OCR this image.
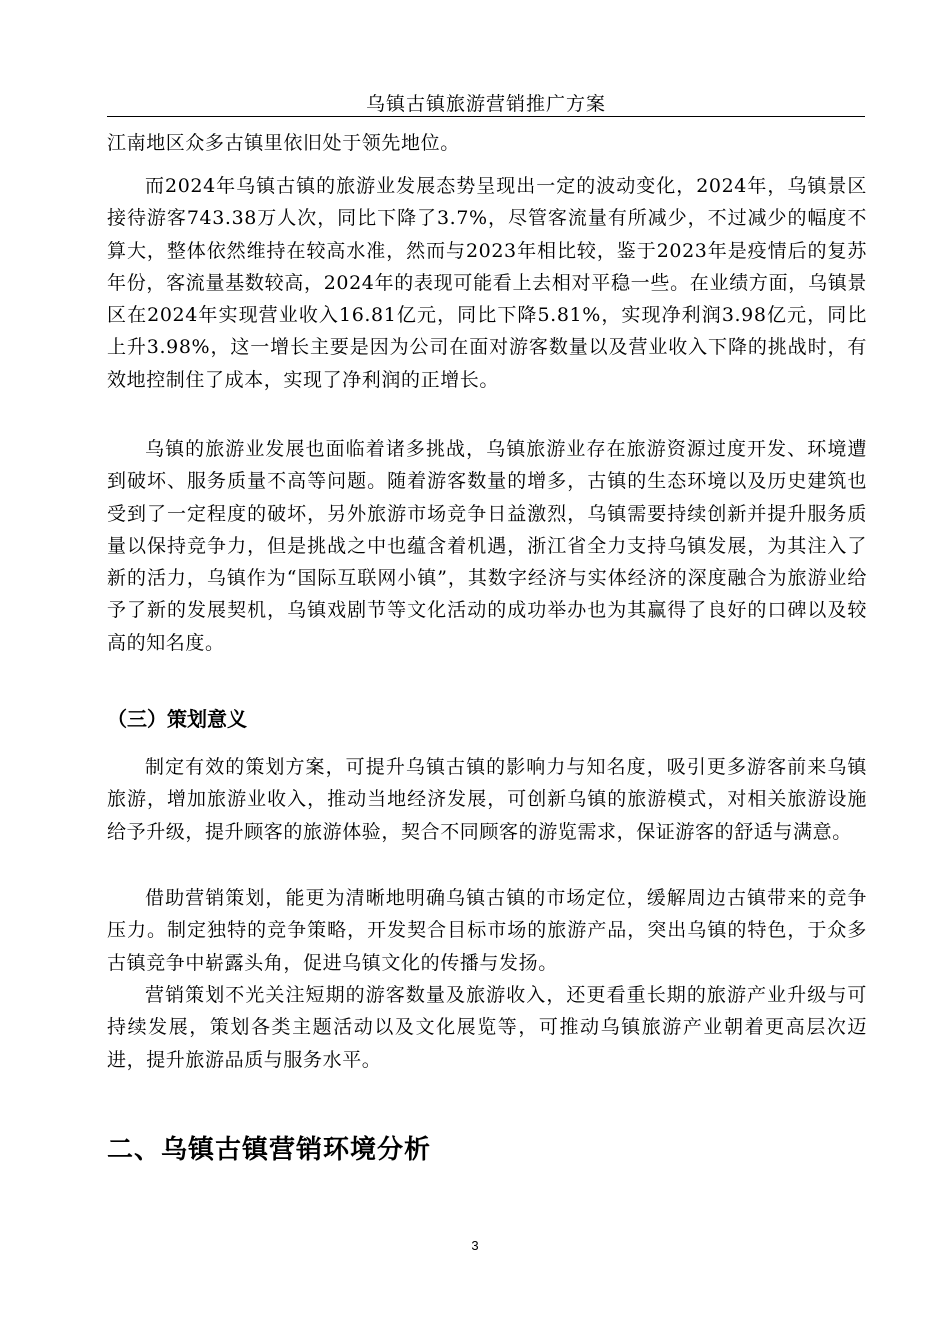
乌镇古镇旅游营销推广方案

江南地区众多古镇里依旧处于领先地位。

而2024年乌镇古镇的旅游业发展态势呈现出一定的波动变化，2024年，乌镇景区接待游客743.38万人次，同比下降了3.7%，尽管客流量有所减少，不过减少的幅度不算大，整体依然维持在较高水准，然而与2023年相比较，鉴于2023年是疫情后的复苏年份，客流量基数较高，2024年的表现可能看上去相对平稳一些。在业绩方面，乌镇景区在2024年实现营业收入16.81亿元，同比下降5.81%，实现净利润3.98亿元，同比上升3.98%，这一增长主要是因为公司在面对游客数量以及营业收入下降的挑战时，有效地控制住了成本，实现了净利润的正增长。

乌镇的旅游业发展也面临着诸多挑战，乌镇旅游业存在旅游资源过度开发、环境遭到破坏、服务质量不高等问题。随着游客数量的增多，古镇的生态环境以及历史建筑也受到了一定程度的破坏，另外旅游市场竞争日益激烈，乌镇需要持续创新并提升服务质量以保持竞争力，但是挑战之中也蕴含着机遇，浙江省全力支持乌镇发展，为其注入了新的活力，乌镇作为“国际互联网小镇”，其数字经济与实体经济的深度融合为旅游业给予了新的发展契机，乌镇戏剧节等文化活动的成功举办也为其赢得了良好的口碑以及较高的知名度。

（三）策划意义

制定有效的策划方案，可提升乌镇古镇的影响力与知名度，吸引更多游客前来乌镇旅游，增加旅游业收入，推动当地经济发展，可创新乌镇的旅游模式，对相关旅游设施给予升级，提升顾客的旅游体验，契合不同顾客的游览需求，保证游客的舒适与满意。

借助营销策划，能更为清晰地明确乌镇古镇的市场定位，缓解周边古镇带来的竞争压力。制定独特的竞争策略，开发契合目标市场的旅游产品，突出乌镇的特色，于众多古镇竞争中崭露头角，促进乌镇文化的传播与发扬。

营销策划不光关注短期的游客数量及旅游收入，还更看重长期的旅游产业升级与可持续发展，策划各类主题活动以及文化展览等，可推动乌镇旅游产业朝着更高层次迈进，提升旅游品质与服务水平。

二、乌镇古镇营销环境分析
3
